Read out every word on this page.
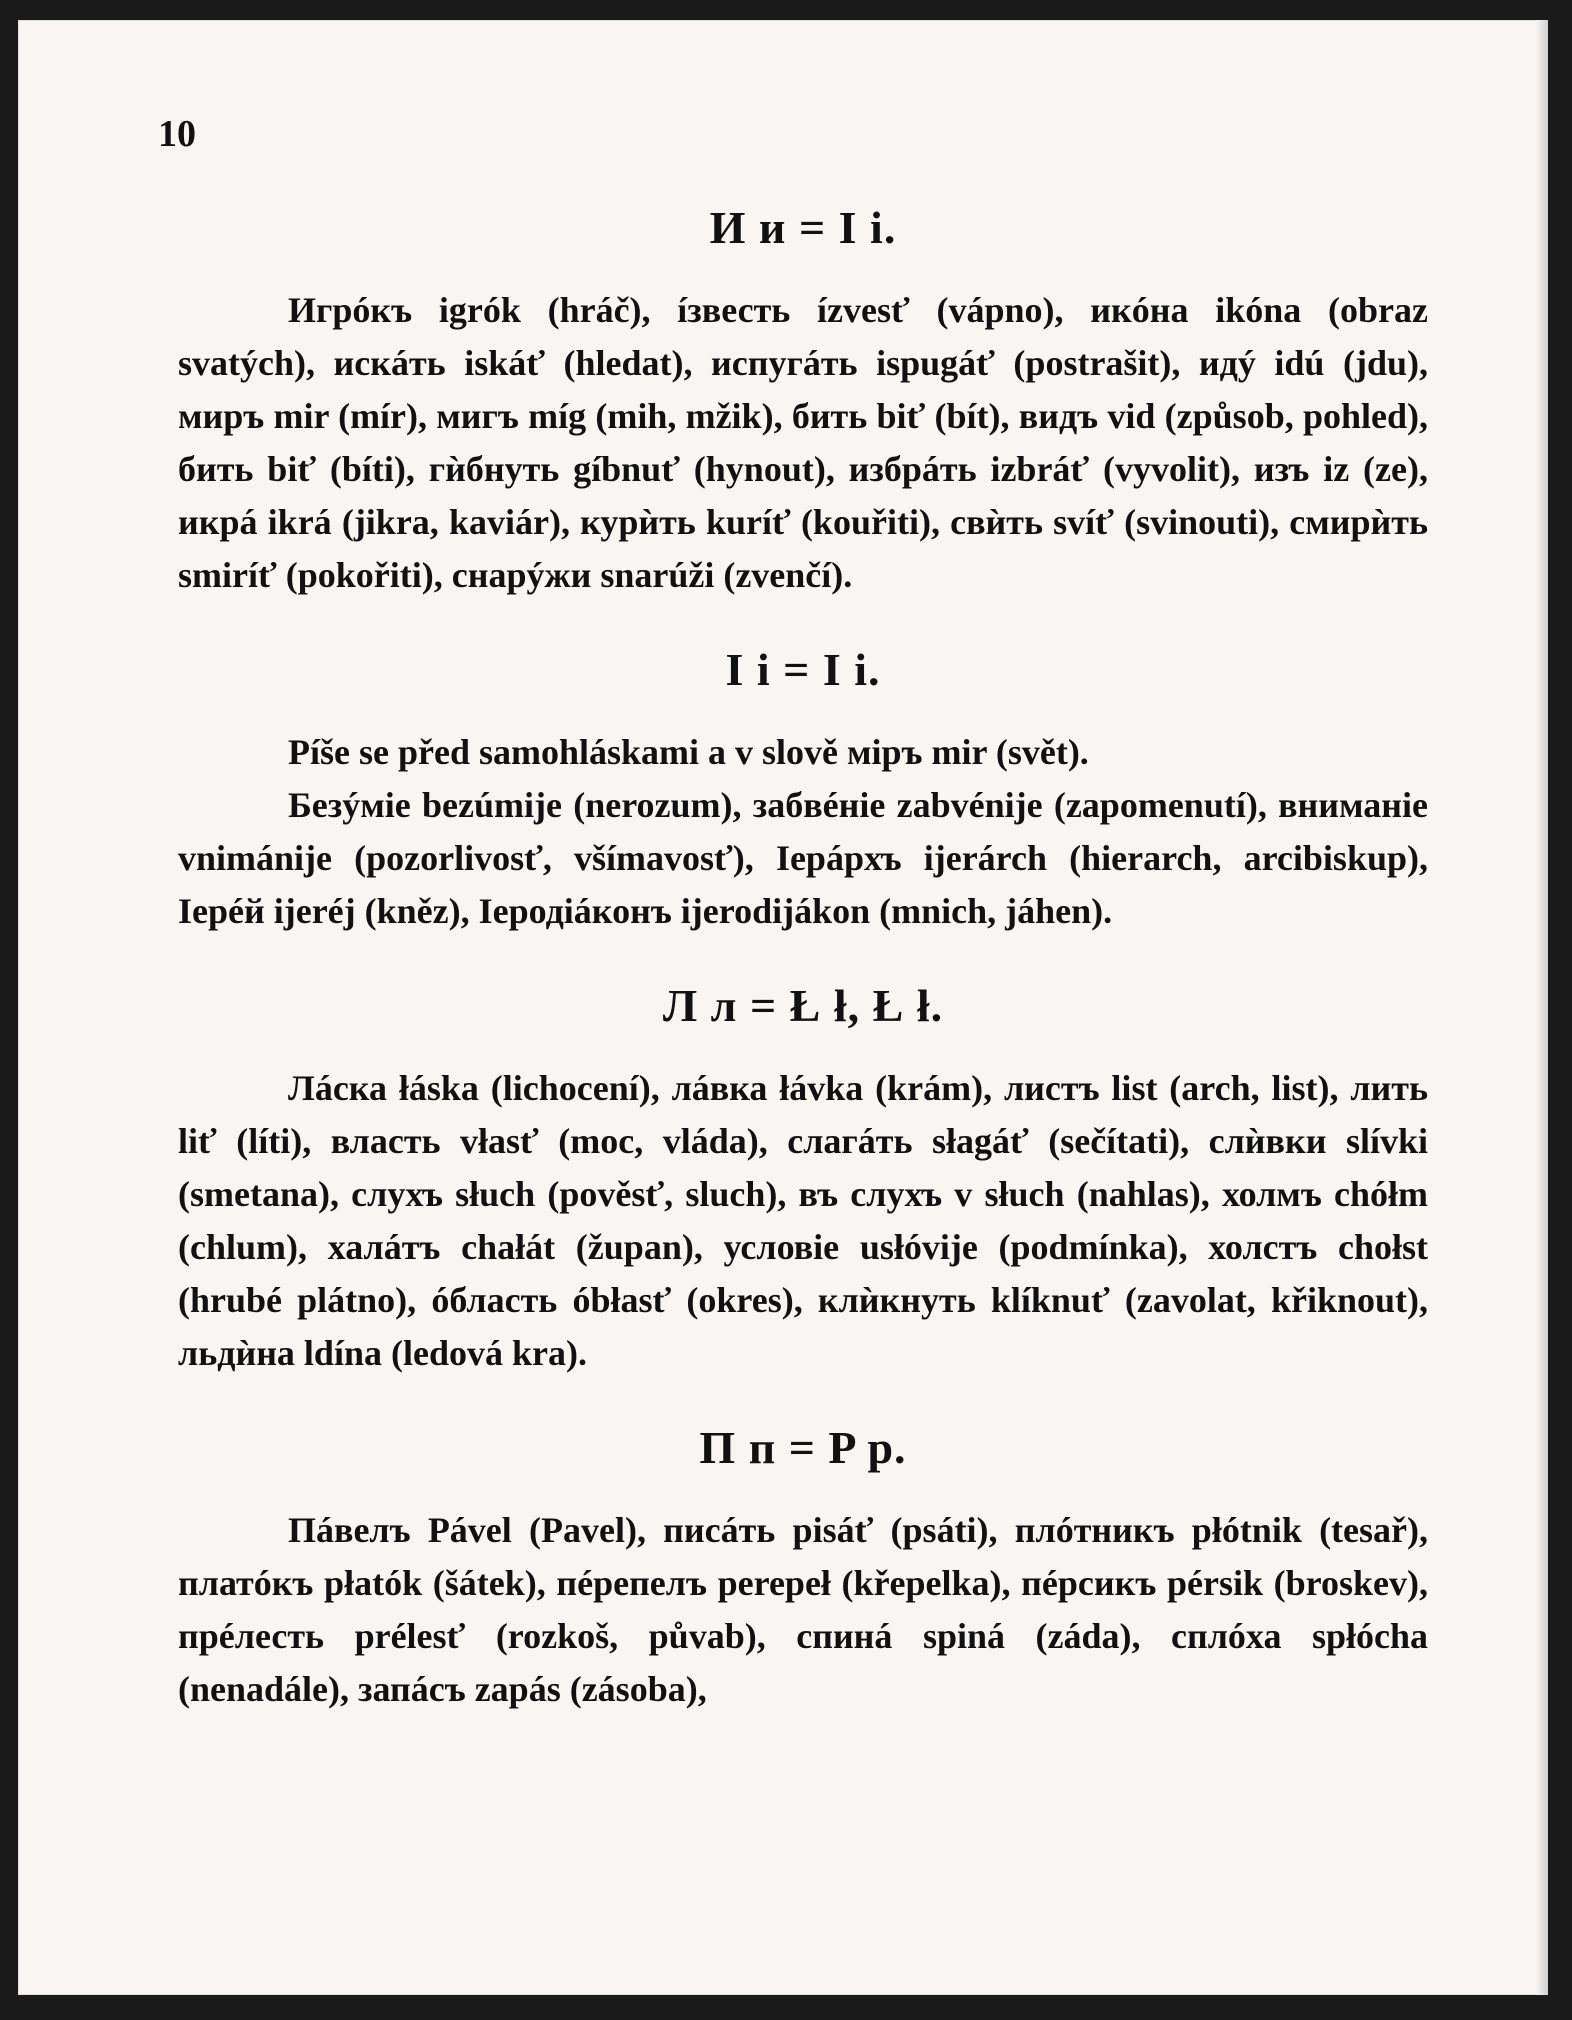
10
И и = I i.

Игрóкъ igrók (hráč), íзвесть ízvesť (vápno), икóна ikóna (obraz svatých), искáть iskáť (hledat), испугáть ispugáť (postrašit), идý idú (jdu), миръ mir (mír), мигъ míg (mih, mžik), бить biť (bít), видъ vid (způsob, pohled), бить biť (bíti), гѝбнуть gíbnuť (hynout), избрáть izbráť (vyvolit), изъ iz (ze), икрá ikrá (jikra, kaviár), курѝть kuríť (kouřiti), свѝть svíť (svinouti), смирѝть smiríť (pokořiti), снарýжи snarúži (zvenčí).

I i = I i.

Píše se před samohláskami a v slově міръ mir (svět).

Безýміе bezúmije (nerozum), забвéніе zabvénije (zapomenutí), вниманіе vnimánije (pozorlivosť, všímavosť), Іерáрхъ ijerárch (hierarch, arcibiskup), Іерéй ijeréj (kněz), Іеродіáконъ ijerodijákon (mnich, jáhen).

Л л = Ł ł, Ł ł.

Лáска łáska (lichocení), лáвка łávka (krám), листъ list (arch, list), лить liť (líti), власть vłasť (moc, vláda), слагáть słagáť (sečítati), слѝвки slívki (smetana), слухъ słuch (pověsť, sluch), въ слухъ v słuch (nahlas), холмъ chółm (chlum), халáтъ chałát (župan), условіе usłóvije (podmínka), холстъ chołst (hrubé plátno), óбласть óbłasť (okres), клѝкнуть klíknuť (zavolat, křiknout), льдѝна ldína (ledová kra).

П п = P p.

Пáвелъ Pável (Pavel), писáть pisáť (psáti), плóтникъ płótnik (tesař), платóкъ płatók (šátek), пéрепелъ perepeł (křepelka), пéрсикъ pérsik (broskev), прéлесть prélesť (rozkoš, půvab), спинá spiná (záda), сплóха spłócha (nenadále), запáсъ zapás (zásoba),
